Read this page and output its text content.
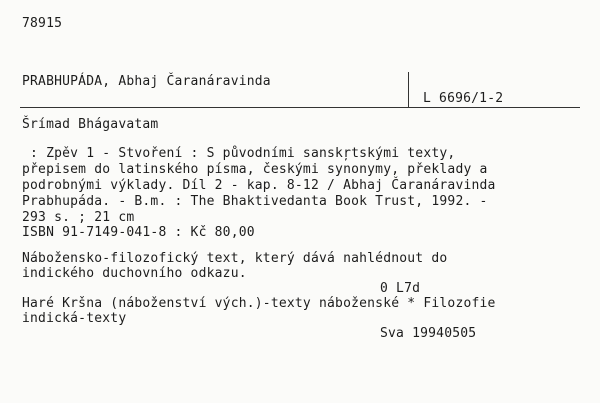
78915
PRABHUPÁDA, Abhaj Čaranáravinda
L 6696/1-2
Šrímad Bhágavatam
: Zpěv 1 - Stvoření : S původními sanskŗtskými texty,
přepisem do latinského písma, českými synonymy, překlady a
podrobnými výklady. Díl 2 - kap. 8-12 / Abhaj Čaranáravinda
Prabhupáda. - B.m. : The Bhaktivedanta Book Trust, 1992. -
293 s. ; 21 cm
ISBN 91-7149-041-8 : Kč 80,00
Nábožensko-filozofický text, který dává nahlédnout do
indického duchovního odkazu.
0 L7d
Haré Kršna (náboženství vých.)-texty náboženské * Filozofie
indická-texty
Sva 19940505
